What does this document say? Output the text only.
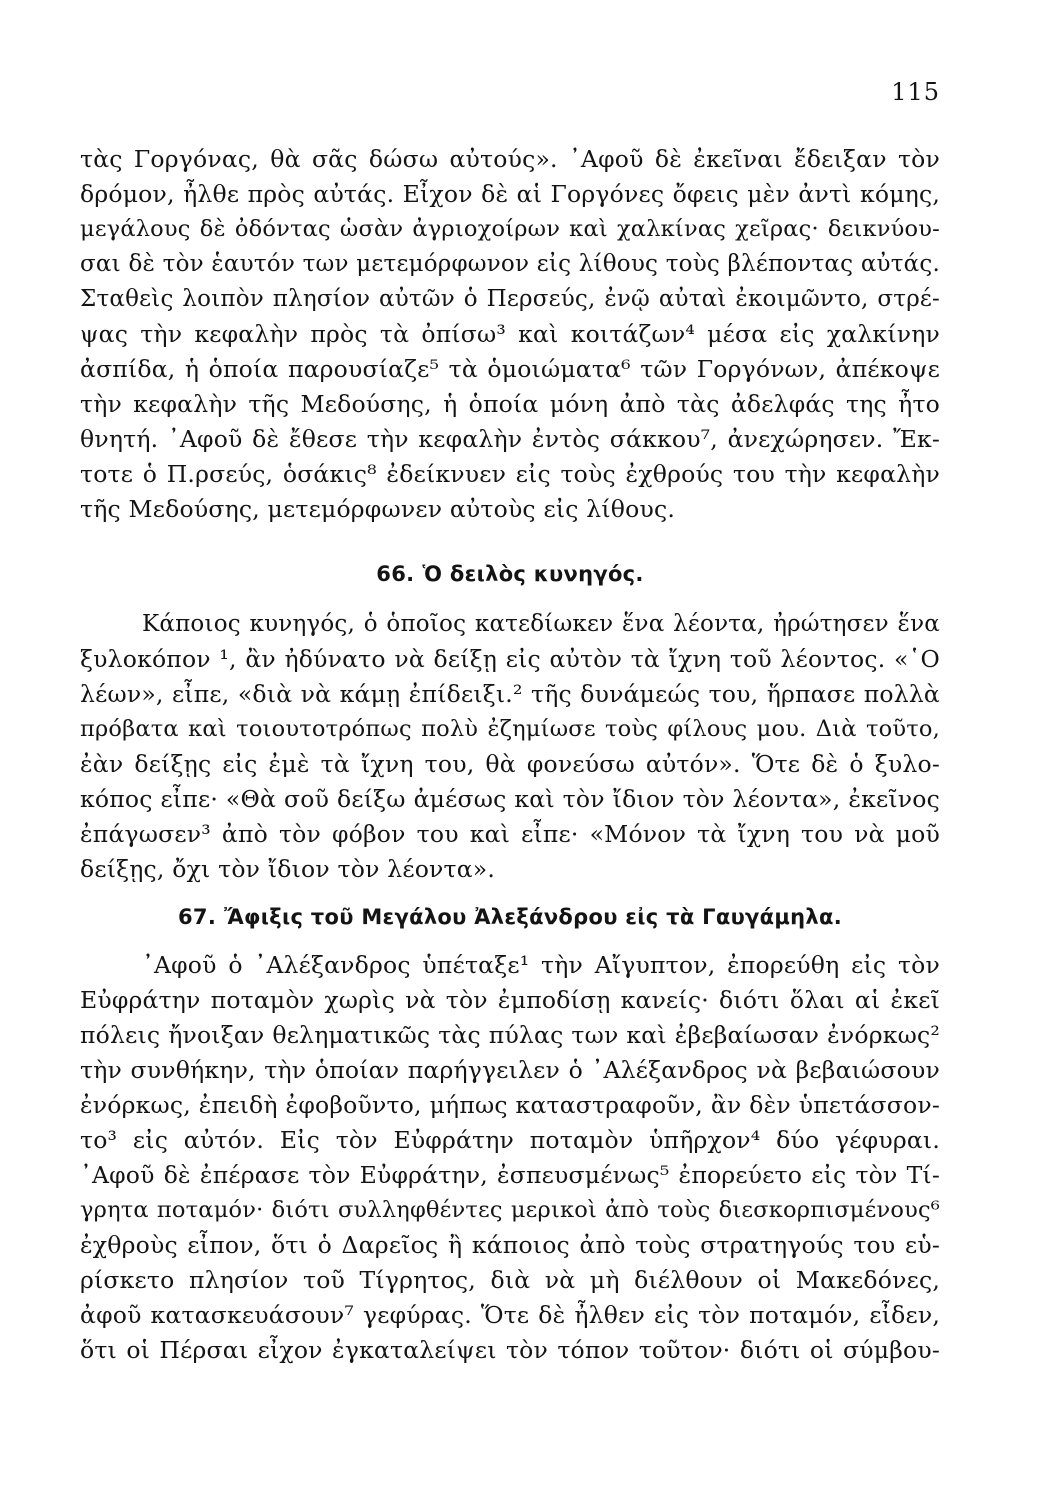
115
τὰς Γοργόνας, θὰ σᾶς δώσω αὐτούς». ᾿Αφοῦ δὲ ἐκεῖναι ἔδειξαν τὸν
δρόμον, ἦλθε πρὸς αὐτάς. Εἶχον δὲ αἱ Γοργόνες ὄφεις μὲν ἀντὶ κόμης,
μεγάλους δὲ ὀδόντας ὡσὰν ἀγριοχοίρων καὶ χαλκίνας χεῖρας· δεικνύου-
σαι δὲ τὸν ἑαυτόν των μετεμόρφωνον εἰς λίθους τοὺς βλέποντας αὐτάς.
Σταθεὶς λοιπὸν πλησίον αὐτῶν ὁ Περσεύς, ἐνῷ αὐταὶ ἐκοιμῶντο, στρέ-
ψας τὴν κεφαλὴν πρὸς τὰ ὀπίσω³ καὶ κοιτάζων⁴ μέσα εἰς χαλκίνην
ἀσπίδα, ἡ ὁποία παρουσίαζε⁵ τὰ ὁμοιώματα⁶ τῶν Γοργόνων, ἀπέκοψε
τὴν κεφαλὴν τῆς Μεδούσης, ἡ ὁποία μόνη ἀπὸ τὰς ἀδελφάς της ἦτο
θνητή. ᾿Αφοῦ δὲ ἔθεσε τὴν κεφαλὴν ἐντὸς σάκκου⁷, ἀνεχώρησεν. Ἔκ-
τοτε ὁ Π.ρσεύς, ὁσάκις⁸ ἐδείκνυεν εἰς τοὺς ἐχθρούς του τὴν κεφαλὴν
τῆς Μεδούσης, μετεμόρφωνεν αὐτοὺς εἰς λίθους.
66. Ὁ δειλὸς κυνηγός.
Κάποιος κυνηγός, ὁ ὁποῖος κατεδίωκεν ἕνα λέοντα, ἠρώτησεν ἕνα
ξυλοκόπον ¹, ἂν ἠδύνατο νὰ δείξῃ εἰς αὐτὸν τὰ ἴχνη τοῦ λέοντος. «῾Ο
λέων», εἶπε, «διὰ νὰ κάμῃ ἐπίδειξι.² τῆς δυνάμεώς του, ἥρπασε πολλὰ
πρόβατα καὶ τοιουτοτρόπως πολὺ ἐζημίωσε τοὺς φίλους μου. Διὰ τοῦτο,
ἐὰν δείξῃς εἰς ἐμὲ τὰ ἴχνη του, θὰ φονεύσω αὐτόν». Ὅτε δὲ ὁ ξυλο-
κόπος εἶπε· «Θὰ σοῦ δείξω ἀμέσως καὶ τὸν ἴδιον τὸν λέοντα», ἐκεῖνος
ἐπάγωσεν³ ἀπὸ τὸν φόβον του καὶ εἶπε· «Μόνον τὰ ἴχνη του νὰ μοῦ
δείξῃς, ὄχι τὸν ἴδιον τὸν λέοντα».
67. Ἄφιξις τοῦ Μεγάλου Ἀλεξάνδρου εἰς τὰ Γαυγάμηλα.
᾿Αφοῦ ὁ ᾿Αλέξανδρος ὑπέταξε¹ τὴν Αἴγυπτον, ἐπορεύθη εἰς τὸν
Εὐφράτην ποταμὸν χωρὶς νὰ τὸν ἐμποδίσῃ κανείς· διότι ὅλαι αἱ ἐκεῖ
πόλεις ἤνοιξαν θεληματικῶς τὰς πύλας των καὶ ἐβεβαίωσαν ἐνόρκως²
τὴν συνθήκην, τὴν ὁποίαν παρήγγειλεν ὁ ᾿Αλέξανδρος νὰ βεβαιώσουν
ἐνόρκως, ἐπειδὴ ἐφοβοῦντο, μήπως καταστραφοῦν, ἂν δὲν ὑπετάσσον-
το³ εἰς αὐτόν. Εἰς τὸν Εὐφράτην ποταμὸν ὑπῆρχον⁴ δύο γέφυραι.
᾿Αφοῦ δὲ ἐπέρασε τὸν Εὐφράτην, ἐσπευσμένως⁵ ἐπορεύετο εἰς τὸν Τί-
γρητα ποταμόν· διότι συλληφθέντες μερικοὶ ἀπὸ τοὺς διεσκορπισμένους⁶
ἐχθροὺς εἶπον, ὅτι ὁ Δαρεῖος ἢ κάποιος ἀπὸ τοὺς στρατηγούς του εὑ-
ρίσκετο πλησίον τοῦ Τίγρητος, διὰ νὰ μὴ διέλθουν οἱ Μακεδόνες,
ἀφοῦ κατασκευάσουν⁷ γεφύρας. Ὅτε δὲ ἦλθεν εἰς τὸν ποταμόν, εἶδεν,
ὅτι οἱ Πέρσαι εἶχον ἐγκαταλείψει τὸν τόπον τοῦτον· διότι οἱ σύμβου-
